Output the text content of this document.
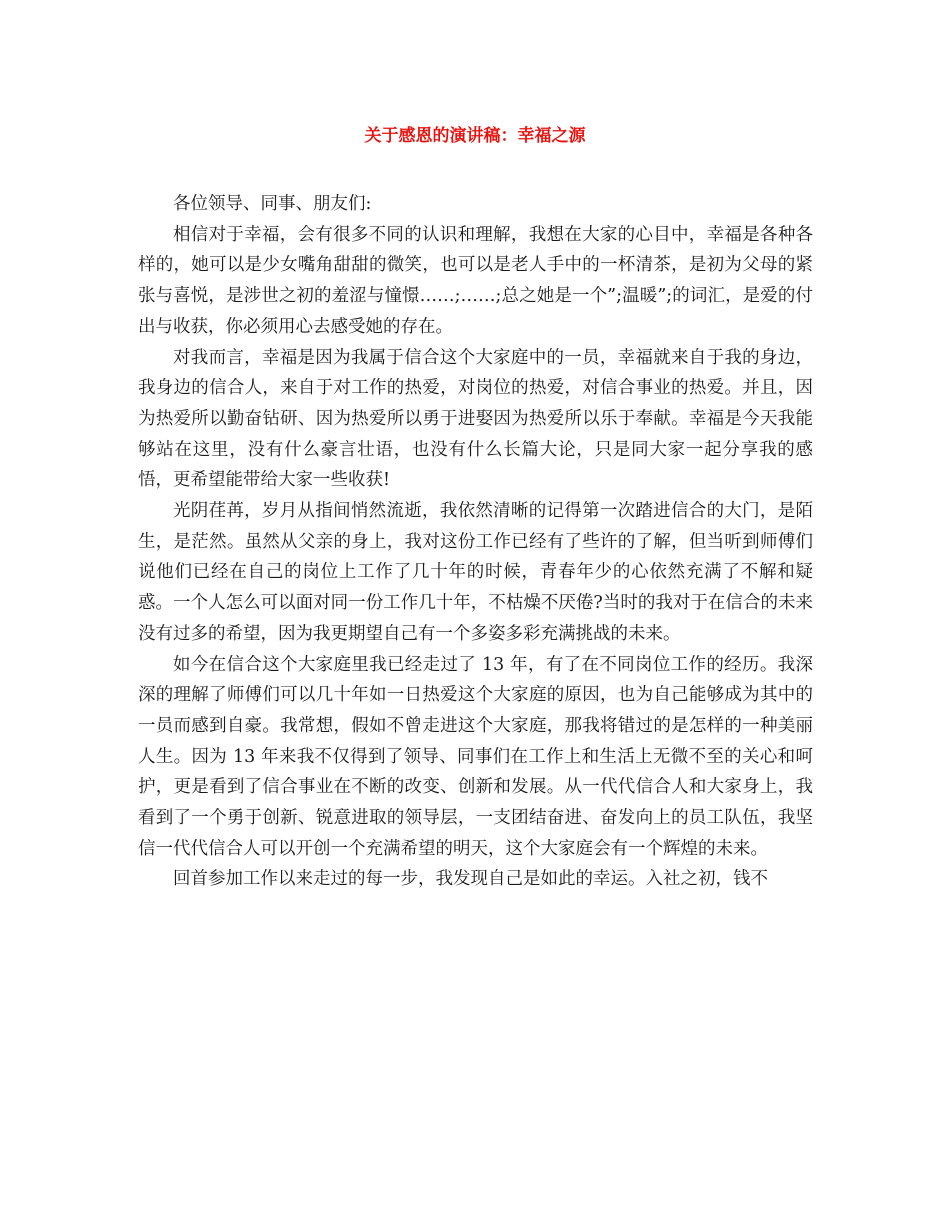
关于感恩的演讲稿：幸福之源

各位领导、同事、朋友们:

相信对于幸福，会有很多不同的认识和理解，我想在大家的心目中，幸福是各种各样的，她可以是少女嘴角甜甜的微笑，也可以是老人手中的一杯清茶，是初为父母的紧张与喜悦，是涉世之初的羞涩与憧憬……;……;总之她是一个”;温暖”;的词汇，是爱的付出与收获，你必须用心去感受她的存在。

对我而言，幸福是因为我属于信合这个大家庭中的一员，幸福就来自于我的身边，我身边的信合人，来自于对工作的热爱，对岗位的热爱，对信合事业的热爱。并且，因为热爱所以勤奋钻研、因为热爱所以勇于进娶因为热爱所以乐于奉献。幸福是今天我能够站在这里，没有什么豪言壮语，也没有什么长篇大论，只是同大家一起分享我的感悟，更希望能带给大家一些收获!

光阴荏苒，岁月从指间悄然流逝，我依然清晰的记得第一次踏进信合的大门，是陌生，是茫然。虽然从父亲的身上，我对这份工作已经有了些许的了解，但当听到师傅们说他们已经在自己的岗位上工作了几十年的时候，青春年少的心依然充满了不解和疑惑。一个人怎么可以面对同一份工作几十年，不枯燥不厌倦?当时的我对于在信合的未来没有过多的希望，因为我更期望自己有一个多姿多彩充满挑战的未来。

如今在信合这个大家庭里我已经走过了 13 年，有了在不同岗位工作的经历。我深深的理解了师傅们可以几十年如一日热爱这个大家庭的原因，也为自己能够成为其中的一员而感到自豪。我常想，假如不曾走进这个大家庭，那我将错过的是怎样的一种美丽人生。因为 13 年来我不仅得到了领导、同事们在工作上和生活上无微不至的关心和呵护，更是看到了信合事业在不断的改变、创新和发展。从一代代信合人和大家身上，我看到了一个勇于创新、锐意进取的领导层，一支团结奋进、奋发向上的员工队伍，我坚信一代代信合人可以开创一个充满希望的明天，这个大家庭会有一个辉煌的未来。

回首参加工作以来走过的每一步，我发现自己是如此的幸运。入社之初，钱不
